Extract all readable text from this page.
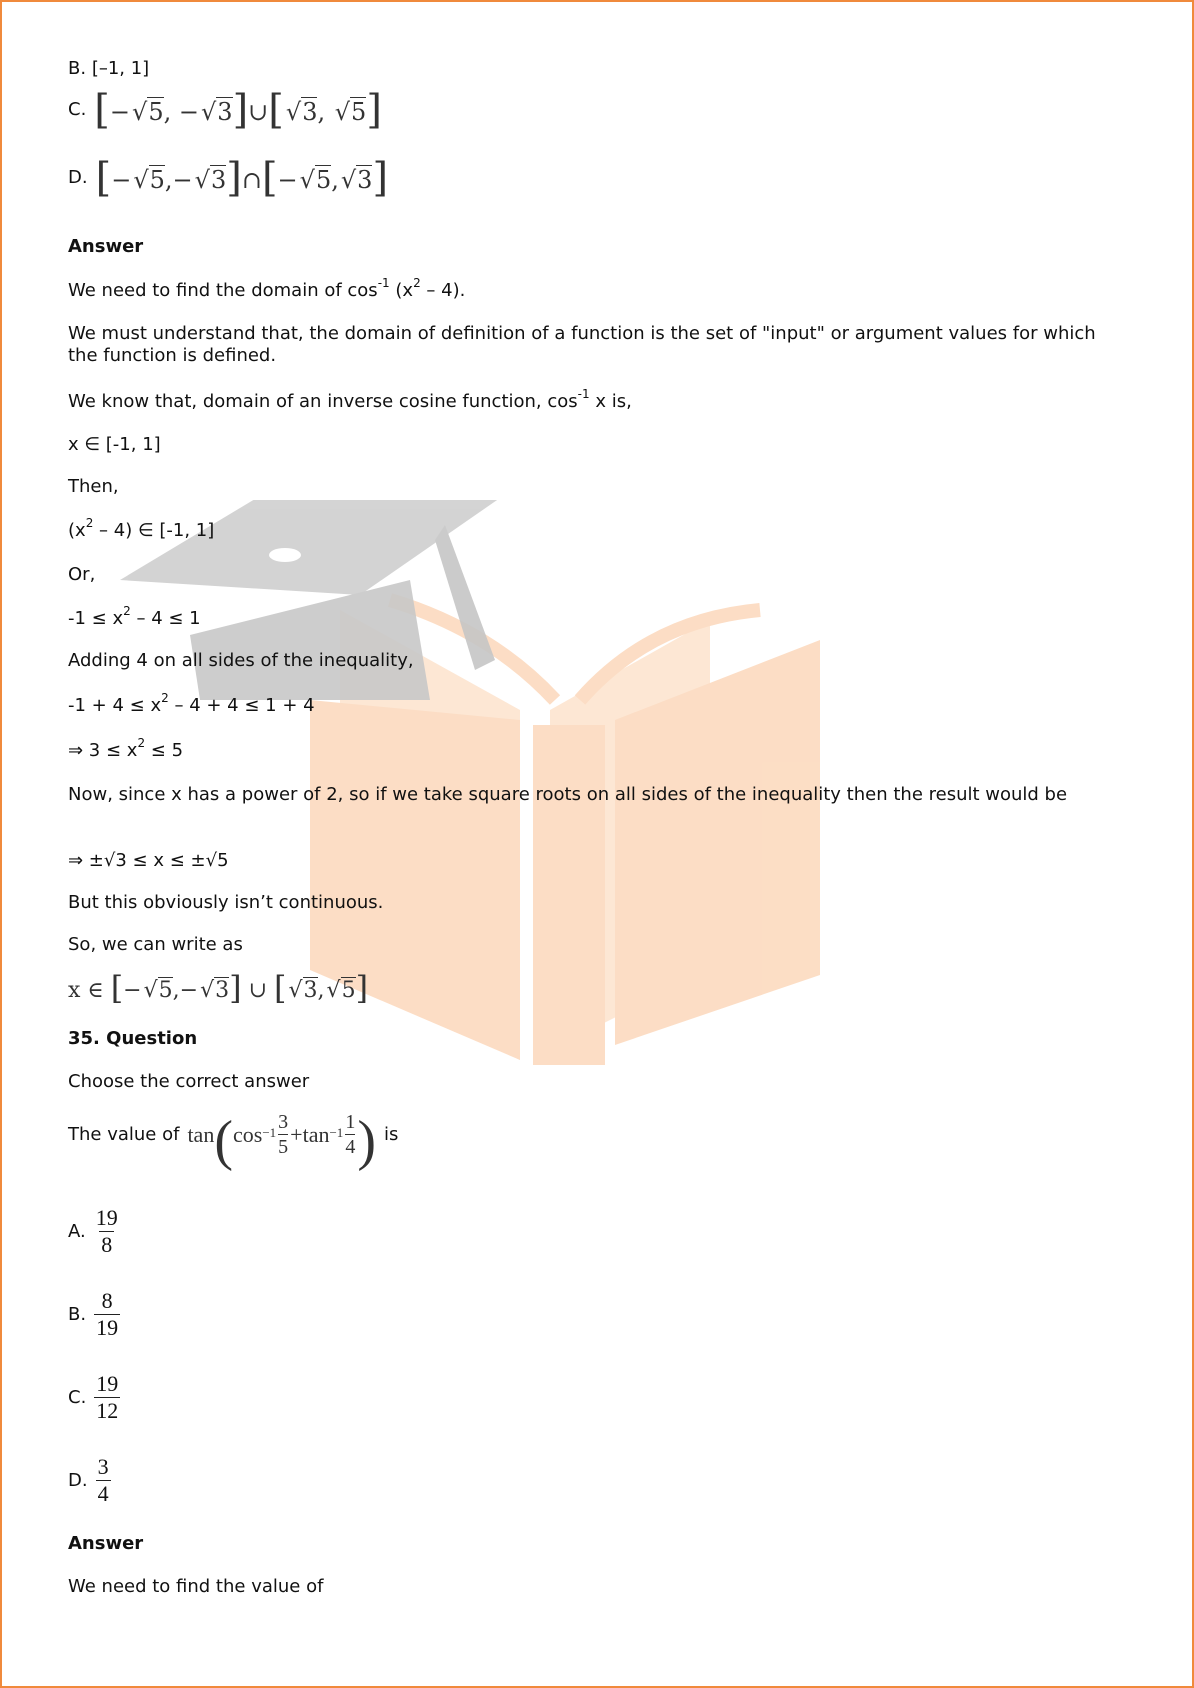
B. [–1, 1]
C. [−√5, −√3]∪[√3, √5]
D. [−√5,−√3]∩[−√5,√3]
Answer
We need to find the domain of $\cos^{-1} (x^2 - 4)$.
We must understand that, the domain of definition of a function is the set of "input" or argument values for which the function is defined.
We know that, domain of an inverse cosine function, $\cos^{-1} x$ is,
x ∈ [-1, 1]
Then,
$(x^2 - 4)$ ∈ [-1, 1]
Or,
$-1 \le x^2 - 4 \le 1$
Adding 4 on all sides of the inequality,
$-1 + 4 \le x^2 - 4 + 4 \le 1 + 4$
⇒ $3 \le x^2 \le 5$
Now, since x has a power of 2, so if we take square roots on all sides of the inequality then the result would be
⇒ ±√3 ≤ x ≤ ±√5
But this obviously isn’t continuous.
So, we can write as
x ∈ [−√5,−√3] ∪ [√3,√5]
35. Question
Choose the correct answer
The value of tan ( $\cos^{-1} 3$
5
+ $\tan^{-1} 1$
4 ) is
A. $\frac{19}{8}$
B. $\frac{8}{19}$
C. $\frac{19}{12}$
D. $\frac{3}{4}$
Answer
We need to find the value of
